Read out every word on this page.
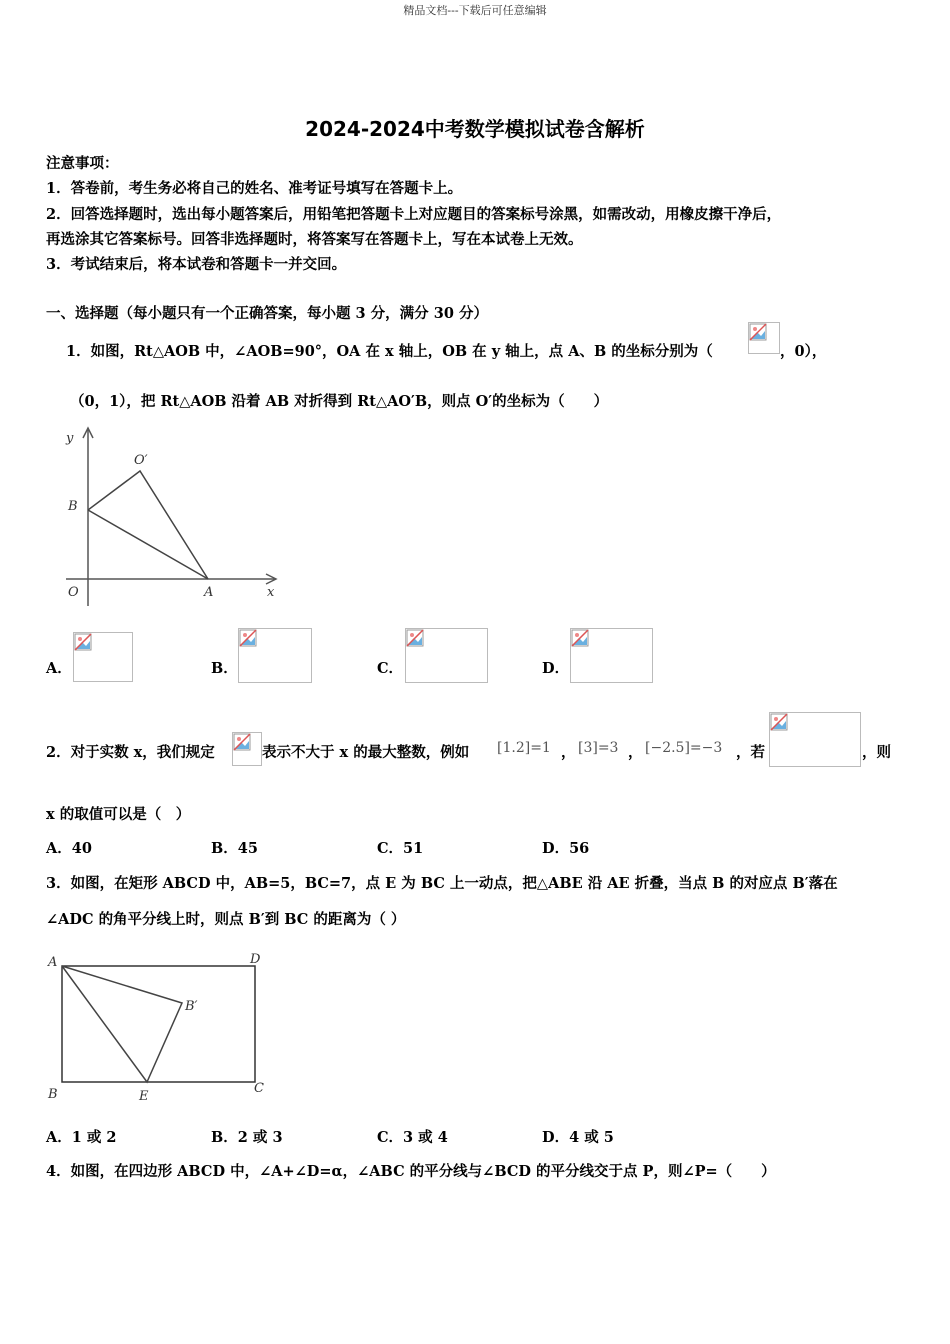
精品文档---下载后可任意编辑
2024-2024中考数学模拟试卷含解析
注意事项：
1．答卷前，考生务必将自己的姓名、准考证号填写在答题卡上。
2．回答选择题时，选出每小题答案后，用铅笔把答题卡上对应题目的答案标号涂黑，如需改动，用橡皮擦干净后，
再选涂其它答案标号。回答非选择题时，将答案写在答题卡上，写在本试卷上无效。
3．考试结束后，将本试卷和答题卡一并交回。
一、选择题（每小题只有一个正确答案，每小题 3 分，满分 30 分）
1．如图，Rt△AOB 中，∠AOB=90°，OA 在 x 轴上，OB 在 y 轴上，点 A、B 的坐标分别为（	，0），
（0，1），把 Rt△AOB 沿着 AB 对折得到 Rt△AO′B，则点 O′的坐标为（　　）
y
x
O	A
B
O′
A．	B．	C．	D．
2．对于实数 x，我们规定	表示不大于 x 的最大整数，例如 [1.2]=1 ， [3]=3 ， [−2.5]=−3 ，若	，则
x 的取值可以是（　）
A．40	B．45	C．51	D．56
3．如图，在矩形 ABCD 中，AB=5，BC=7，点 E 为 BC 上一动点，把△ABE 沿 AE 折叠，当点 B 的对应点 B′落在
∠ADC 的角平分线上时，则点 B′到 BC 的距离为（ ）
A	D
B	C
E
B′
A．1 或 2	B．2 或 3	C．3 或 4	D．4 或 5
4．如图，在四边形 ABCD 中，∠A+∠D=α，∠ABC 的平分线与∠BCD 的平分线交于点 P，则∠P=（　　）
